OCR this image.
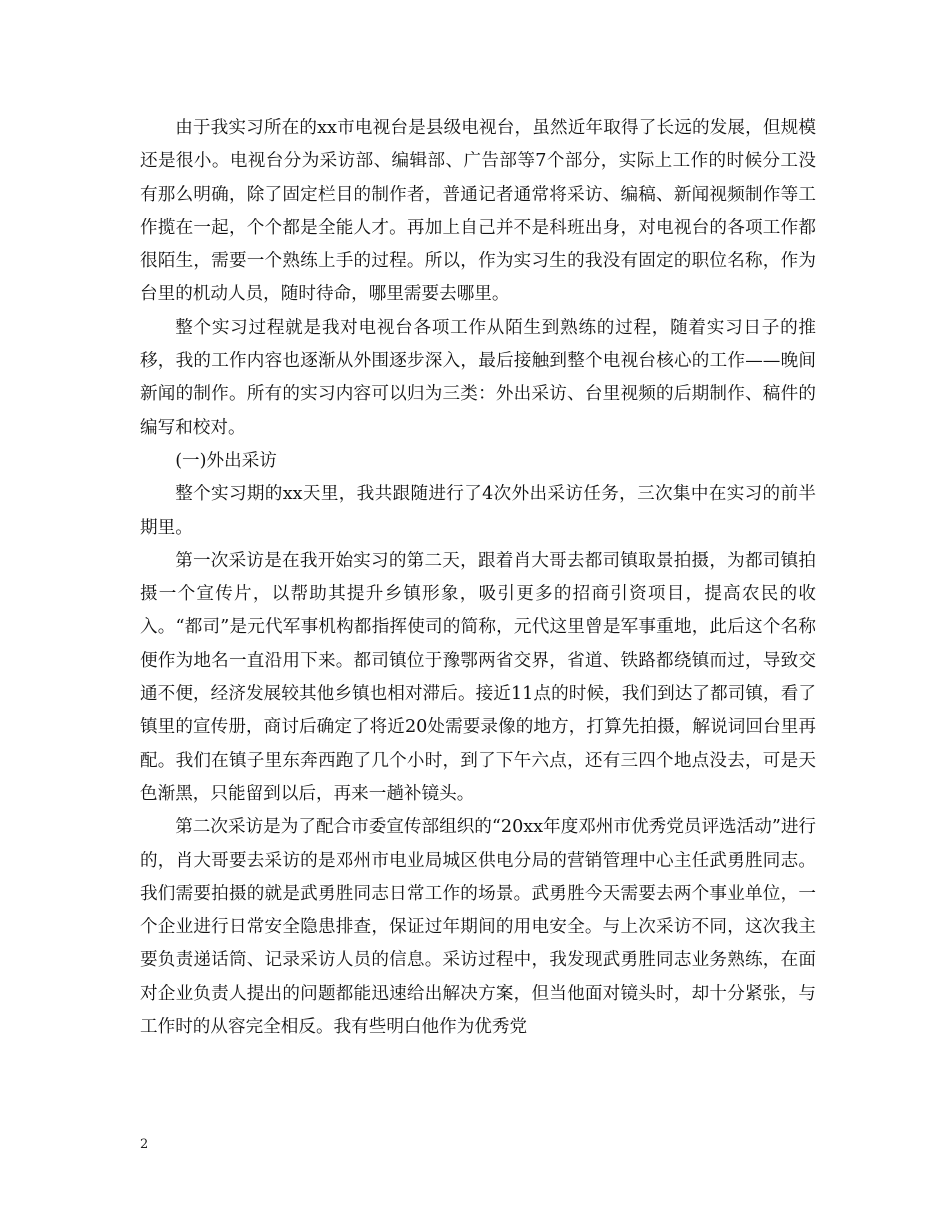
由于我实习所在的xx市电视台是县级电视台，虽然近年取得了长远的发展，但规模还是很小。电视台分为采访部、编辑部、广告部等7个部分，实际上工作的时候分工没有那么明确，除了固定栏目的制作者，普通记者通常将采访、编稿、新闻视频制作等工作揽在一起，个个都是全能人才。再加上自己并不是科班出身，对电视台的各项工作都很陌生，需要一个熟练上手的过程。所以，作为实习生的我没有固定的职位名称，作为台里的机动人员，随时待命，哪里需要去哪里。

整个实习过程就是我对电视台各项工作从陌生到熟练的过程，随着实习日子的推移，我的工作内容也逐渐从外围逐步深入，最后接触到整个电视台核心的工作——晚间新闻的制作。所有的实习内容可以归为三类：外出采访、台里视频的后期制作、稿件的编写和校对。

(一)外出采访

整个实习期的xx天里，我共跟随进行了4次外出采访任务，三次集中在实习的前半期里。

第一次采访是在我开始实习的第二天，跟着肖大哥去都司镇取景拍摄，为都司镇拍摄一个宣传片，以帮助其提升乡镇形象，吸引更多的招商引资项目，提高农民的收入。“都司”是元代军事机构都指挥使司的简称，元代这里曾是军事重地，此后这个名称便作为地名一直沿用下来。都司镇位于豫鄂两省交界，省道、铁路都绕镇而过，导致交通不便，经济发展较其他乡镇也相对滞后。接近11点的时候，我们到达了都司镇，看了镇里的宣传册，商讨后确定了将近20处需要录像的地方，打算先拍摄，解说词回台里再配。我们在镇子里东奔西跑了几个小时，到了下午六点，还有三四个地点没去，可是天色渐黑，只能留到以后，再来一趟补镜头。

第二次采访是为了配合市委宣传部组织的“20xx年度邓州市优秀党员评选活动”进行的，肖大哥要去采访的是邓州市电业局城区供电分局的营销管理中心主任武勇胜同志。我们需要拍摄的就是武勇胜同志日常工作的场景。武勇胜今天需要去两个事业单位，一个企业进行日常安全隐患排查，保证过年期间的用电安全。与上次采访不同，这次我主要负责递话筒、记录采访人员的信息。采访过程中，我发现武勇胜同志业务熟练，在面对企业负责人提出的问题都能迅速给出解决方案，但当他面对镜头时，却十分紧张，与工作时的从容完全相反。我有些明白他作为优秀党

2
